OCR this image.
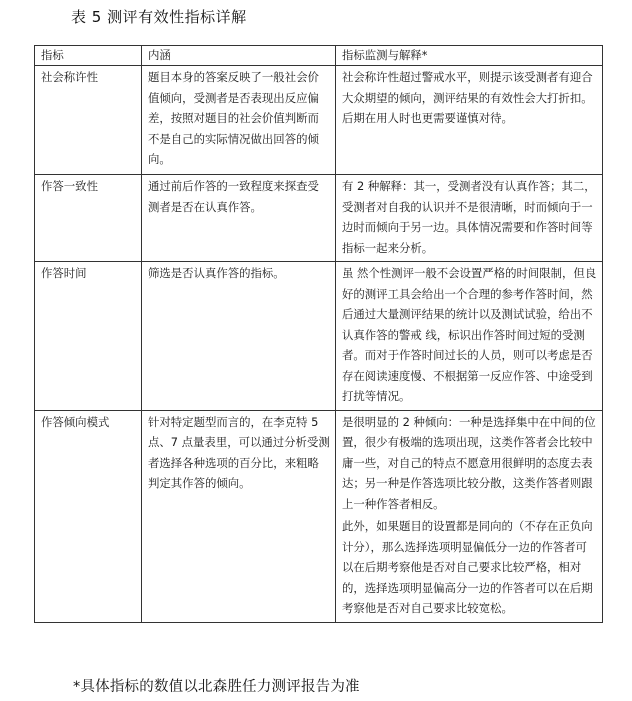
表 5 测评有效性指标详解
指标	内涵	指标监测与解释*
社会称许性	题目本身的答案反映了一般社会价值倾向，受测者是否表现出反应偏差，按照对题目的社会价值判断而不是自己的实际情况做出回答的倾向。	社会称许性超过警戒水平，则提示该受测者有迎合大众期望的倾向，测评结果的有效性会大打折扣。后期在用人时也更需要谨慎对待。

作答一致性	通过前后作答的一致程度来探查受测者是否在认真作答。	有 2 种解释：其一，受测者没有认真作答；其二，受测者对自我的认识并不是很清晰，时而倾向于一边时而倾向于另一边。具体情况需要和作答时间等指标一起来分析。

作答时间	筛选是否认真作答的指标。	虽 然个性测评一般不会设置严格的时间限制，但良好的测评工具会给出一个合理的参考作答时间，然后通过大量测评结果的统计以及测试试验，给出不认真作答的警戒 线，标识出作答时间过短的受测者。而对于作答时间过长的人员，则可以考虑是否存在阅读速度慢、不根据第一反应作答、中途受到打扰等情况。

作答倾向模式	针对特定题型而言的，在李克特 5 点、7 点量表里，可以通过分析受测者选择各种选项的百分比，来粗略判定其作答的倾向。	是很明显的 2 种倾向：一种是选择集中在中间的位置，很少有极端的选项出现，这类作答者会比较中庸一些，对自己的特点不愿意用很鲜明的态度去表达；另一种是作答选项比较分散，这类作答者则跟上一种作答者相反。
此外，如果题目的设置都是同向的（不存在正负向计分），那么选择选项明显偏低分一边的作答者可以在后期考察他是否对自己要求比较严格，相对的，选择选项明显偏高分一边的作答者可以在后期考察他是否对自己要求比较宽松。
*具体指标的数值以北森胜任力测评报告为准
